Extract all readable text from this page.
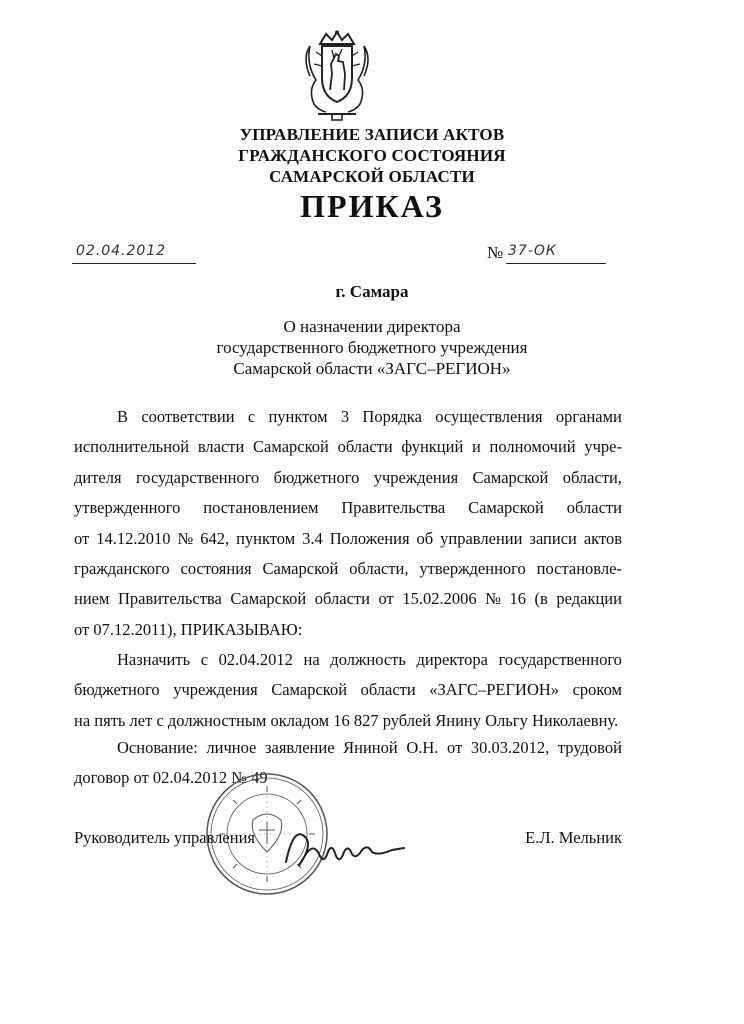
УПРАВЛЕНИЕ ЗАПИСИ АКТОВ
ГРАЖДАНСКОГО СОСТОЯНИЯ
САМАРСКОЙ ОБЛАСТИ
ПРИКАЗ
02.04.2012	№ 37-ОК
г. Самара
О назначении директора
государственного бюджетного учреждения
Самарской области «ЗАГС–РЕГИОН»
В соответствии с пунктом 3 Порядка осуществления органами
исполнительной власти Самарской области функций и полномочий учре-
дителя государственного бюджетного учреждения Самарской области,
утвержденного постановлением Правительства Самарской области
от 14.12.2010 № 642, пунктом 3.4 Положения об управлении записи актов
гражданского состояния Самарской области, утвержденного постановле-
нием Правительства Самарской области от 15.02.2006 № 16 (в редакции
от 07.12.2011), ПРИКАЗЫВАЮ:
Назначить с 02.04.2012 на должность директора государственного
бюджетного учреждения Самарской области «ЗАГС–РЕГИОН» сроком
на пять лет с должностным окладом 16 827 рублей Янину Ольгу Николаевну.
Основание: личное заявление Яниной О.Н. от 30.03.2012, трудовой
договор от 02.04.2012 № 49
Руководитель управления	Е.Л. Мельник
